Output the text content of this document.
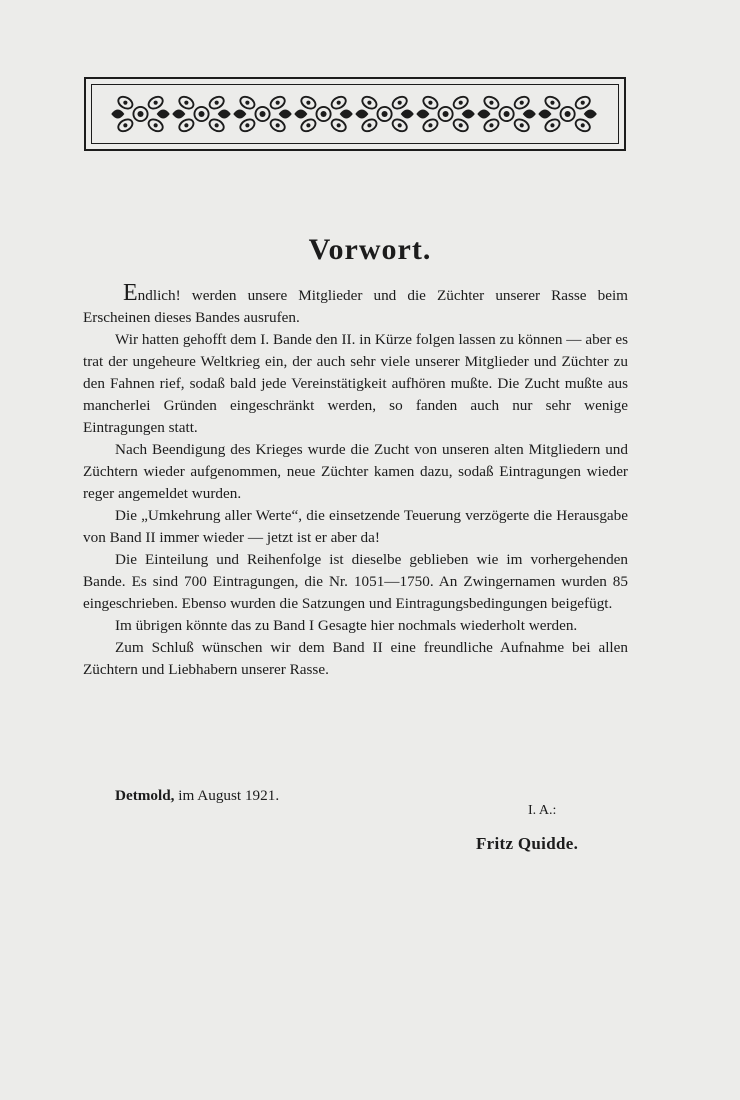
Vorwort.

Endlich! werden unsere Mitglieder und die Züchter unserer Rasse beim Erscheinen dieses Bandes ausrufen.

Wir hatten gehofft dem I. Bande den II. in Kürze folgen lassen zu können — aber es trat der ungeheure Weltkrieg ein, der auch sehr viele unserer Mitglieder und Züchter zu den Fahnen rief, sodaß bald jede Vereinstätigkeit aufhören mußte. Die Zucht mußte aus mancherlei Gründen eingeschränkt werden, so fanden auch nur sehr wenige Eintragungen statt.

Nach Beendigung des Krieges wurde die Zucht von unseren alten Mitgliedern und Züchtern wieder aufgenommen, neue Züchter kamen dazu, sodaß Eintragungen wieder reger angemeldet wurden.

Die „Umkehrung aller Werte“, die einsetzende Teuerung verzögerte die Herausgabe von Band II immer wieder — jetzt ist er aber da!

Die Einteilung und Reihenfolge ist dieselbe geblieben wie im vorhergehenden Bande. Es sind 700 Eintragungen, die Nr. 1051—1750. An Zwingernamen wurden 85 eingeschrieben. Ebenso wurden die Satzungen und Eintragungsbedingungen beigefügt.

Im übrigen könnte das zu Band I Gesagte hier nochmals wiederholt werden.

Zum Schluß wünschen wir dem Band II eine freundliche Aufnahme bei allen Züchtern und Liebhabern unserer Rasse.

Detmold, im August 1921.
I. A.:
Fritz Quidde.
